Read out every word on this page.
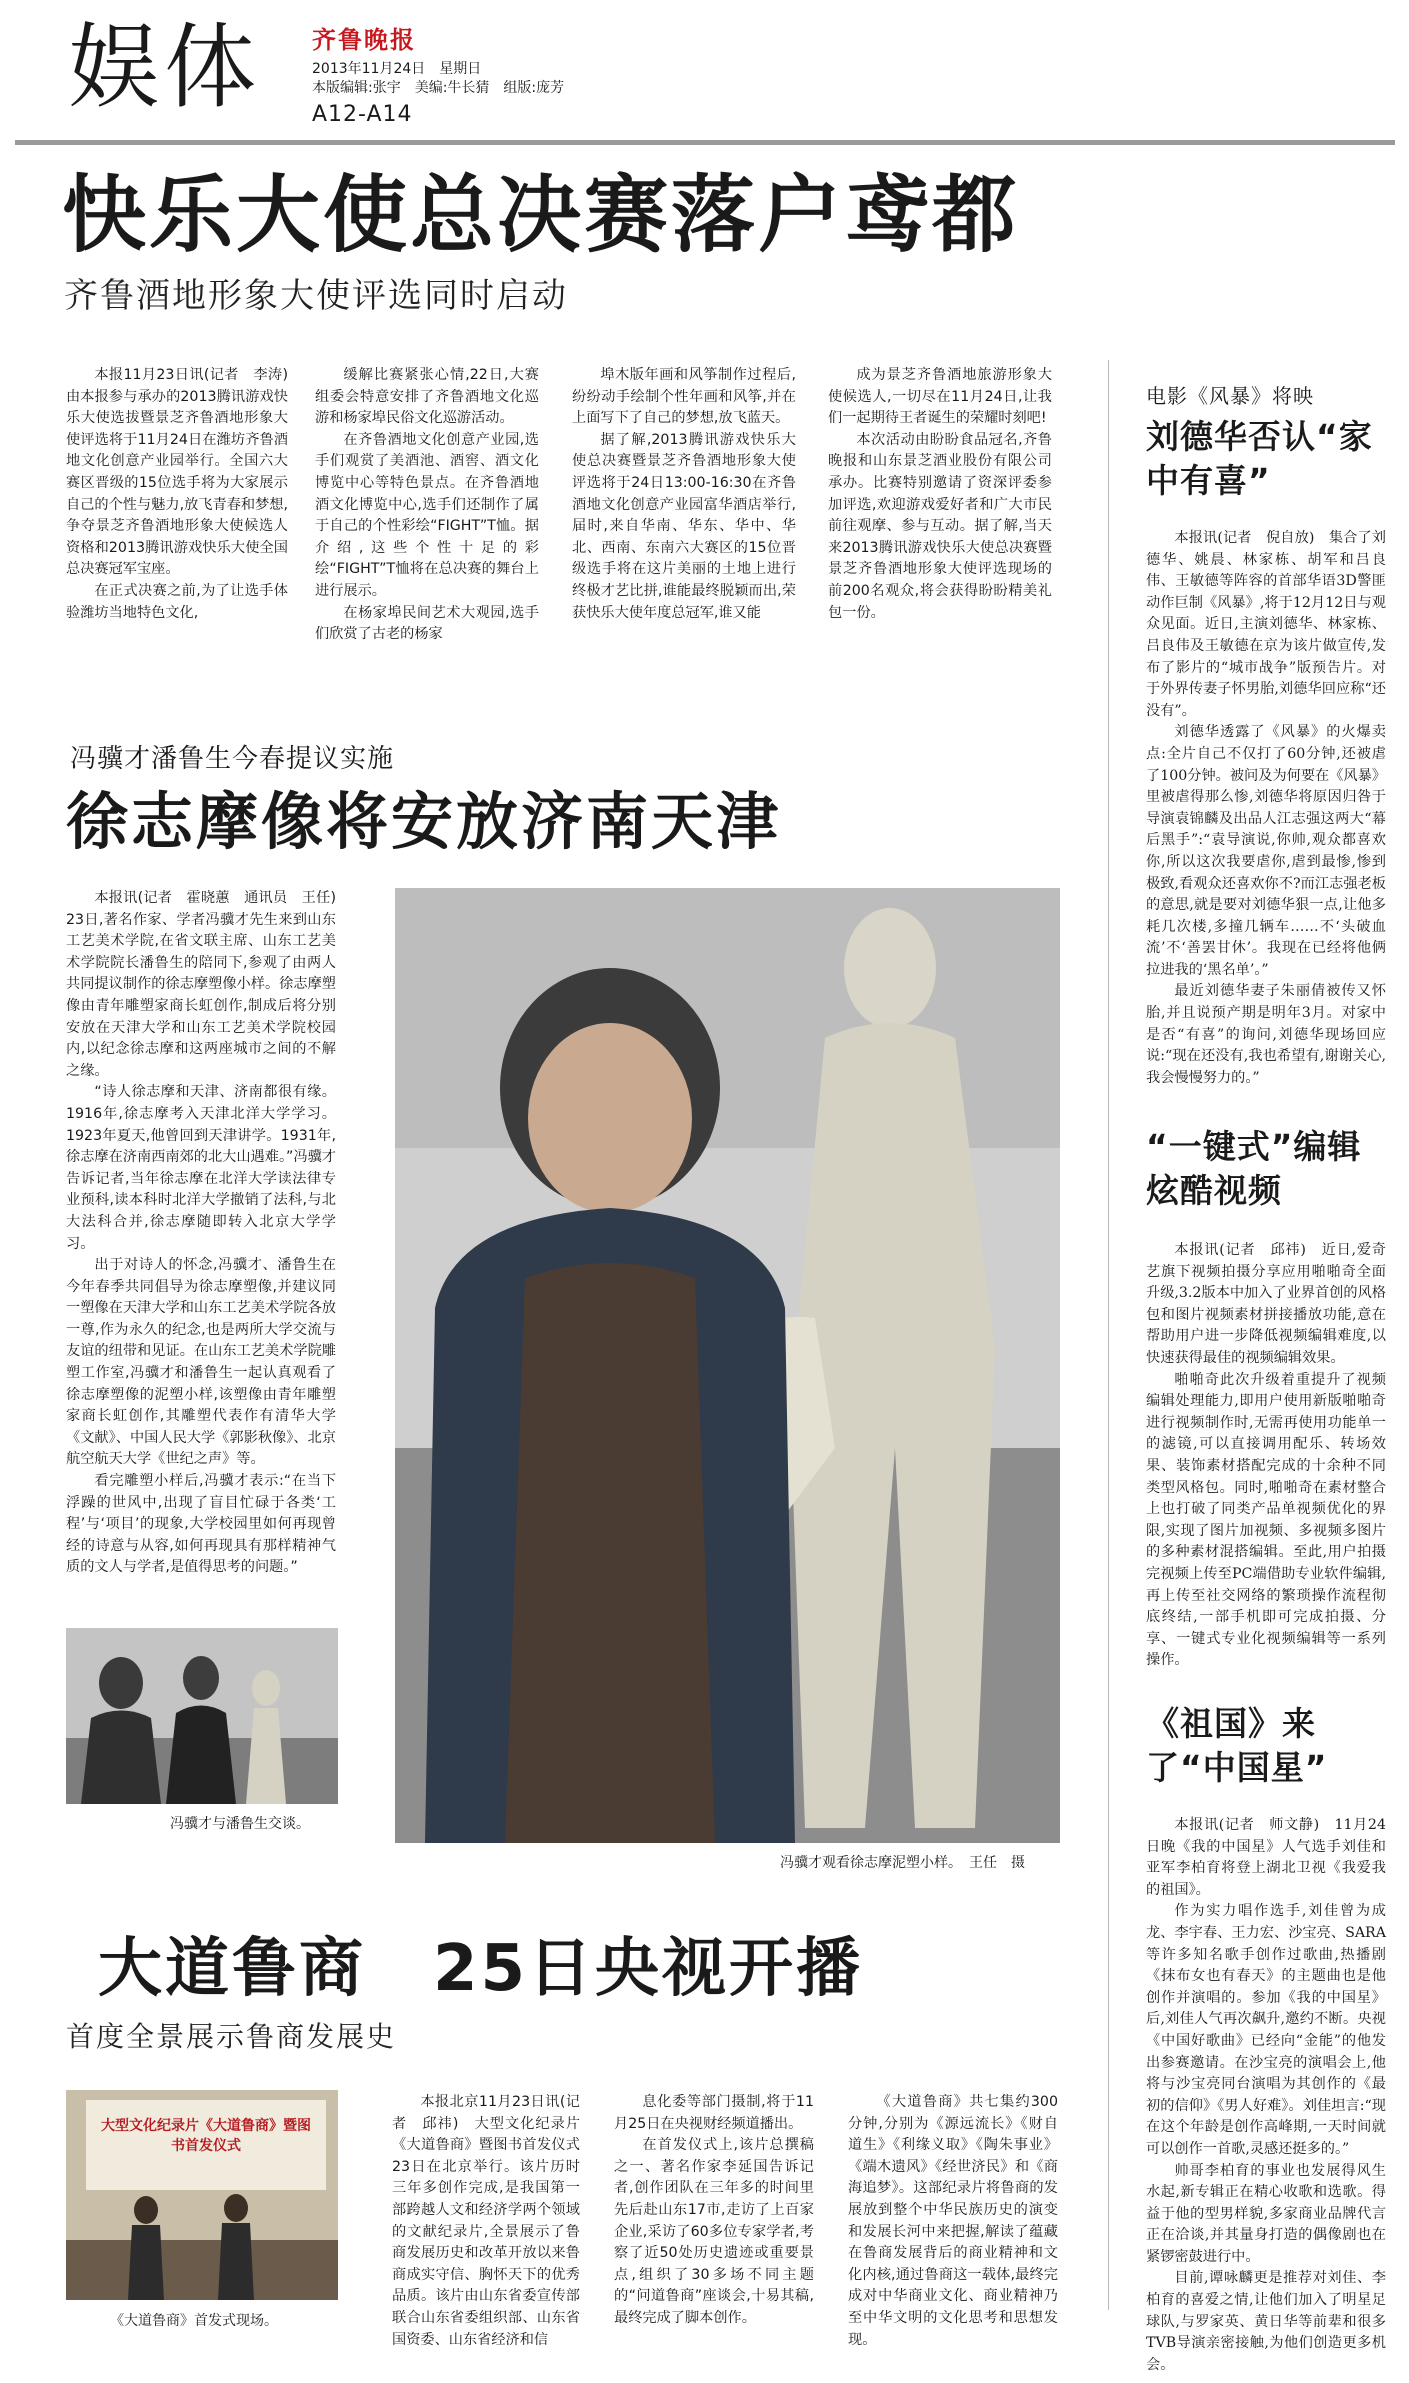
娱体 齐鲁晚报
2013年11月24日　星期日
本版编辑:张宇　美编:牛长猜　组版:庞芳
A12-A14
快乐大使总决赛落户鸢都
齐鲁酒地形象大使评选同时启动

本报11月23日讯(记者　李涛)　由本报参与承办的2013腾讯游戏快乐大使选拔暨景芝齐鲁酒地形象大使评选将于11月24日在潍坊齐鲁酒地文化创意产业园举行。全国六大赛区晋级的15位选手将为大家展示自己的个性与魅力,放飞青春和梦想,争夺景芝齐鲁酒地形象大使候选人资格和2013腾讯游戏快乐大使全国总决赛冠军宝座。

在正式决赛之前,为了让选手体验潍坊当地特色文化,

缓解比赛紧张心情,22日,大赛组委会特意安排了齐鲁酒地文化巡游和杨家埠民俗文化巡游活动。

在齐鲁酒地文化创意产业园,选手们观赏了美酒池、酒窖、酒文化博览中心等特色景点。在齐鲁酒地酒文化博览中心,选手们还制作了属于自己的个性彩绘“FIGHT”T恤。据介绍,这些个性十足的彩绘“FIGHT”T恤将在总决赛的舞台上进行展示。

在杨家埠民间艺术大观园,选手们欣赏了古老的杨家

埠木版年画和风筝制作过程后,纷纷动手绘制个性年画和风筝,并在上面写下了自己的梦想,放飞蓝天。

据了解,2013腾讯游戏快乐大使总决赛暨景芝齐鲁酒地形象大使评选将于24日13:00-16:30在齐鲁酒地文化创意产业园富华酒店举行,届时,来自华南、华东、华中、华北、西南、东南六大赛区的15位晋级选手将在这片美丽的土地上进行终极才艺比拼,谁能最终脱颖而出,荣获快乐大使年度总冠军,谁又能

成为景芝齐鲁酒地旅游形象大使候选人,一切尽在11月24日,让我们一起期待王者诞生的荣耀时刻吧!

本次活动由盼盼食品冠名,齐鲁晚报和山东景芝酒业股份有限公司承办。比赛特别邀请了资深评委参加评选,欢迎游戏爱好者和广大市民前往观摩、参与互动。据了解,当天来2013腾讯游戏快乐大使总决赛暨景芝齐鲁酒地形象大使评选现场的前200名观众,将会获得盼盼精美礼包一份。

冯骥才潘鲁生今春提议实施
徐志摩像将安放济南天津

本报讯(记者　霍晓蕙　通讯员　王任)　23日,著名作家、学者冯骥才先生来到山东工艺美术学院,在省文联主席、山东工艺美术学院院长潘鲁生的陪同下,参观了由两人共同提议制作的徐志摩塑像小样。徐志摩塑像由青年雕塑家商长虹创作,制成后将分别安放在天津大学和山东工艺美术学院校园内,以纪念徐志摩和这两座城市之间的不解之缘。

“诗人徐志摩和天津、济南都很有缘。1916年,徐志摩考入天津北洋大学学习。1923年夏天,他曾回到天津讲学。1931年,徐志摩在济南西南郊的北大山遇难。”冯骥才告诉记者,当年徐志摩在北洋大学读法律专业预科,读本科时北洋大学撤销了法科,与北大法科合并,徐志摩随即转入北京大学学习。

出于对诗人的怀念,冯骥才、潘鲁生在今年春季共同倡导为徐志摩塑像,并建议同一塑像在天津大学和山东工艺美术学院各放一尊,作为永久的纪念,也是两所大学交流与友谊的纽带和见证。在山东工艺美术学院雕塑工作室,冯骥才和潘鲁生一起认真观看了徐志摩塑像的泥塑小样,该塑像由青年雕塑家商长虹创作,其雕塑代表作有清华大学《文献》、中国人民大学《郭影秋像》、北京航空航天大学《世纪之声》等。

看完雕塑小样后,冯骥才表示:“在当下浮躁的世风中,出现了盲目忙碌于各类‘工程’与‘项目’的现象,大学校园里如何再现曾经的诗意与从容,如何再现具有那样精神气质的文人与学者,是值得思考的问题。”

冯骥才与潘鲁生交谈。
冯骥才观看徐志摩泥塑小样。　王任　摄
大道鲁商　25日央视开播
首度全景展示鲁商发展史
大型文化纪录片《大道鲁商》暨图书首发仪式
《大道鲁商》首发式现场。

本报北京11月23日讯(记者　邱祎)　大型文化纪录片《大道鲁商》暨图书首发仪式23日在北京举行。该片历时三年多创作完成,是我国第一部跨越人文和经济学两个领域的文献纪录片,全景展示了鲁商发展历史和改革开放以来鲁商成实守信、胸怀天下的优秀品质。该片由山东省委宣传部联合山东省委组织部、山东省国资委、山东省经济和信

息化委等部门摄制,将于11月25日在央视财经频道播出。

在首发仪式上,该片总撰稿之一、著名作家李延国告诉记者,创作团队在三年多的时间里先后赴山东17市,走访了上百家企业,采访了60多位专家学者,考察了近50处历史遗迹或重要景点,组织了30多场不同主题的“问道鲁商”座谈会,十易其稿,最终完成了脚本创作。

《大道鲁商》共七集约300分钟,分别为《源远流长》《财自道生》《利缘义取》《陶朱事业》《端木遗风》《经世济民》和《商海追梦》。这部纪录片将鲁商的发展放到整个中华民族历史的演变和发展长河中来把握,解读了蕴藏在鲁商发展背后的商业精神和文化内核,通过鲁商这一载体,最终完成对中华商业文化、商业精神乃至中华文明的文化思考和思想发现。

电影《风暴》将映
刘德华否认“家中有喜”

本报讯(记者　倪自放)　集合了刘德华、姚晨、林家栋、胡军和吕良伟、王敏德等阵容的首部华语3D警匪动作巨制《风暴》,将于12月12日与观众见面。近日,主演刘德华、林家栋、吕良伟及王敏德在京为该片做宣传,发布了影片的“城市战争”版预告片。对于外界传妻子怀男胎,刘德华回应称“还没有”。

刘德华透露了《风暴》的火爆卖点:全片自己不仅打了60分钟,还被虐了100分钟。被问及为何要在《风暴》里被虐得那么惨,刘德华将原因归咎于导演袁锦麟及出品人江志强这两大“幕后黑手”:“袁导演说,你帅,观众都喜欢你,所以这次我要虐你,虐到最惨,惨到极致,看观众还喜欢你不?而江志强老板的意思,就是要对刘德华狠一点,让他多耗几次楼,多撞几辆车……不‘头破血流’不‘善罢甘休’。我现在已经将他俩拉进我的‘黑名单’。”

最近刘德华妻子朱丽倩被传又怀胎,并且说预产期是明年3月。对家中是否“有喜”的询问,刘德华现场回应说:“现在还没有,我也希望有,谢谢关心,我会慢慢努力的。”

“一键式”编辑炫酷视频

本报讯(记者　邱祎)　近日,爱奇艺旗下视频拍摄分享应用啪啪奇全面升级,3.2版本中加入了业界首创的风格包和图片视频素材拼接播放功能,意在帮助用户进一步降低视频编辑难度,以快速获得最佳的视频编辑效果。

啪啪奇此次升级着重提升了视频编辑处理能力,即用户使用新版啪啪奇进行视频制作时,无需再使用功能单一的滤镜,可以直接调用配乐、转场效果、装饰素材搭配完成的十余种不同类型风格包。同时,啪啪奇在素材整合上也打破了同类产品单视频优化的界限,实现了图片加视频、多视频多图片的多种素材混搭编辑。至此,用户拍摄完视频上传至PC端借助专业软件编辑,再上传至社交网络的繁琐操作流程彻底终结,一部手机即可完成拍摄、分享、一键式专业化视频编辑等一系列操作。

《祖国》来了“中国星”

本报讯(记者　师文静)　11月24日晚《我的中国星》人气选手刘佳和亚军李柏育将登上湖北卫视《我爱我的祖国》。

作为实力唱作选手,刘佳曾为成龙、李宇春、王力宏、沙宝亮、SARA等许多知名歌手创作过歌曲,热播剧《抹布女也有春天》的主题曲也是他创作并演唱的。参加《我的中国星》后,刘佳人气再次飙升,邀约不断。央视《中国好歌曲》已经向“金能”的他发出参赛邀请。在沙宝亮的演唱会上,他将与沙宝亮同台演唱为其创作的《最初的信仰》《男人好难》。刘佳坦言:“现在这个年龄是创作高峰期,一天时间就可以创作一首歌,灵感还挺多的。”

帅哥李柏育的事业也发展得风生水起,新专辑正在精心收歌和选歌。得益于他的型男样貌,多家商业品牌代言正在洽谈,并其量身打造的偶像剧也在紧锣密鼓进行中。

目前,谭咏麟更是推荐对刘佳、李柏育的喜爱之情,让他们加入了明星足球队,与罗家英、黄日华等前辈和很多TVB导演亲密接触,为他们创造更多机会。
